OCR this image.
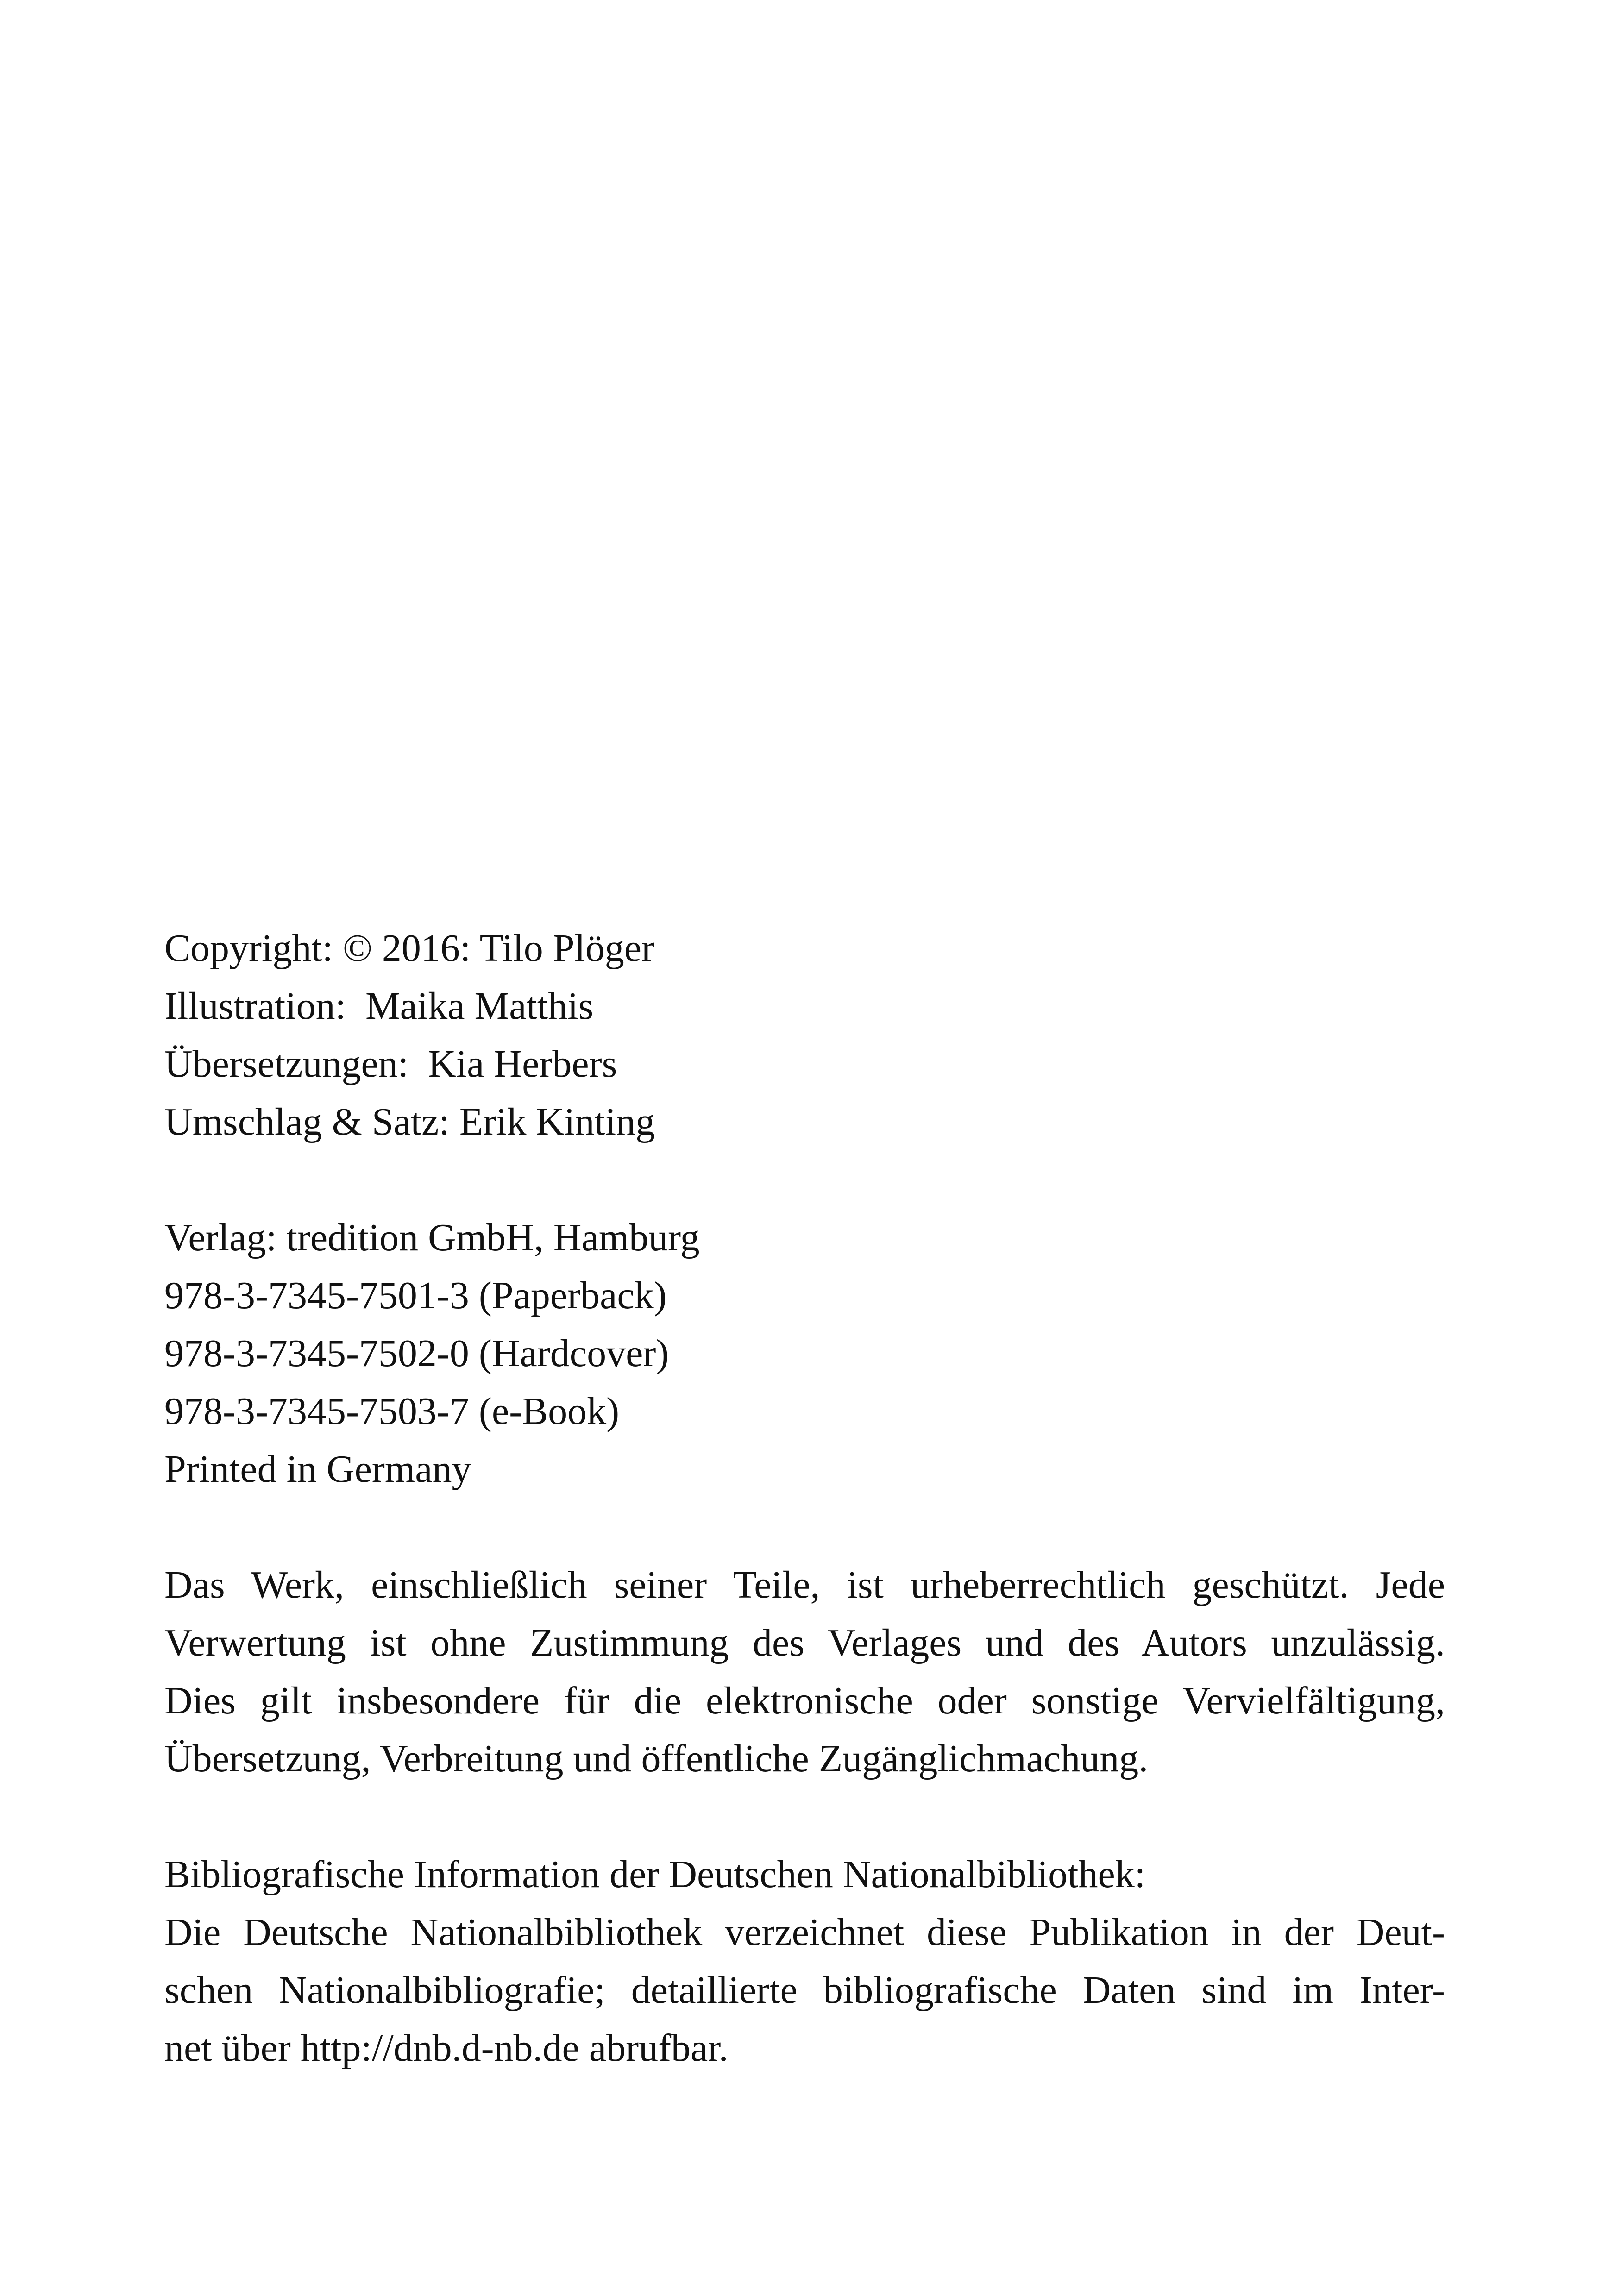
Copyright: © 2016: Tilo Plöger
Illustration:  Maika Matthis
Übersetzungen:  Kia Herbers
Umschlag & Satz: Erik Kinting
Verlag: tredition GmbH, Hamburg
978-3-7345-7501-3 (Paperback)
978-3-7345-7502-0 (Hardcover)
978-3-7345-7503-7 (e-Book)
Printed in Germany
Das Werk, einschließlich seiner Teile, ist urheberrechtlich geschützt. Jede
Verwertung ist ohne Zustimmung des Verlages und des Autors unzulässig.
Dies gilt insbesondere für die elektronische oder sonstige Vervielfältigung,
Übersetzung, Verbreitung und öffentliche Zugänglichmachung.
Bibliografische Information der Deutschen Nationalbibliothek:
Die Deutsche Nationalbibliothek verzeichnet diese Publikation in der Deut-
schen Nationalbibliografie; detaillierte bibliografische Daten sind im Inter-
net über http://dnb.d-nb.de abrufbar.
